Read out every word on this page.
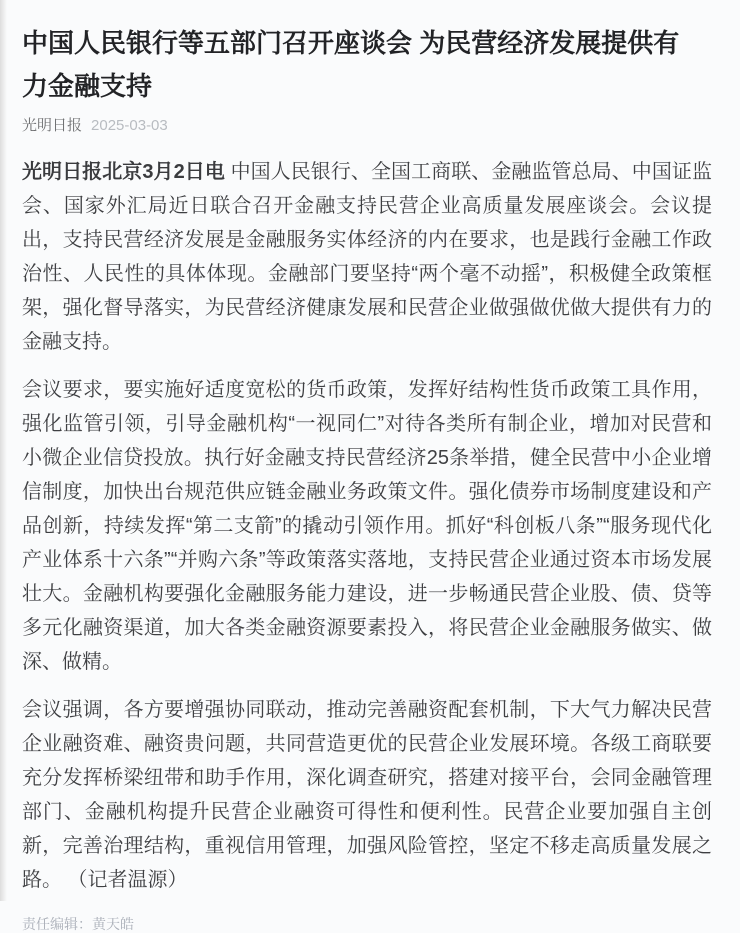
中国人民银行等五部门召开座谈会 为民营经济发展提供有力金融支持
光明日报 2025-03-03

光明日报北京3月2日电 中国人民银行、全国工商联、金融监管总局、中国证监会、国家外汇局近日联合召开金融支持民营企业高质量发展座谈会。会议提出，支持民营经济发展是金融服务实体经济的内在要求，也是践行金融工作政治性、人民性的具体体现。金融部门要坚持“两个毫不动摇”，积极健全政策框架，强化督导落实，为民营经济健康发展和民营企业做强做优做大提供有力的金融支持。

会议要求，要实施好适度宽松的货币政策，发挥好结构性货币政策工具作用，强化监管引领，引导金融机构“一视同仁”对待各类所有制企业，增加对民营和小微企业信贷投放。执行好金融支持民营经济25条举措，健全民营中小企业增信制度，加快出台规范供应链金融业务政策文件。强化债券市场制度建设和产品创新，持续发挥“第二支箭”的撬动引领作用。抓好“科创板八条”“服务现代化产业体系十六条”“并购六条”等政策落实落地，支持民营企业通过资本市场发展壮大。金融机构要强化金融服务能力建设，进一步畅通民营企业股、债、贷等多元化融资渠道，加大各类金融资源要素投入，将民营企业金融服务做实、做深、做精。

会议强调，各方要增强协同联动，推动完善融资配套机制，下大气力解决民营企业融资难、融资贵问题，共同营造更优的民营企业发展环境。各级工商联要充分发挥桥梁纽带和助手作用，深化调查研究，搭建对接平台，会同金融管理部门、金融机构提升民营企业融资可得性和便利性。民营企业要加强自主创新，完善治理结构，重视信用管理，加强风险管控，坚定不移走高质量发展之路。 （记者温源）

责任编辑：黄天皓
